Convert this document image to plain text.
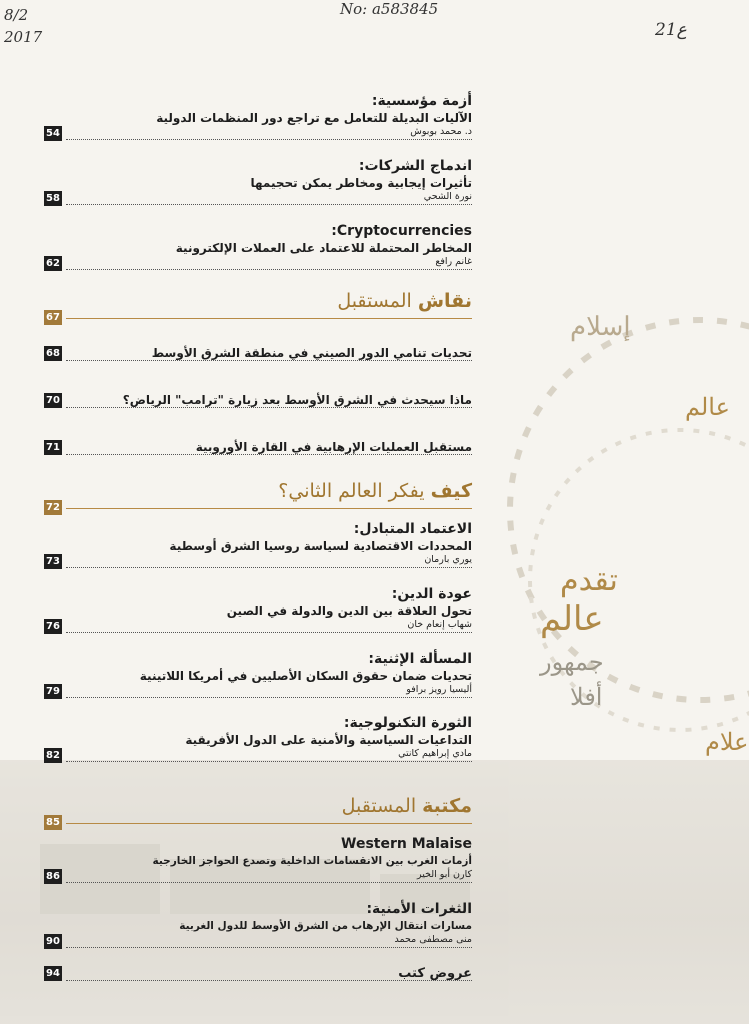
إسلام
عالم
تقدم
عالم
جمهور
أفلا
علام
8/2
2017
No: a583845
21ع
أزمة مؤسسية:
الآليات البديلة للتعامل مع تراجع دور المنظمات الدولية
د. محمد بوبوش
54
اندماج الشركات:
تأثيرات إيجابية ومخاطر يمكن تحجيمها
نورة الشحي
58
Cryptocurrencies:
المخاطر المحتملة للاعتماد على العملات الإلكترونية
غانم رافع
62
نقاش المستقبل
67
تحديات تنامي الدور الصيني في منطقة الشرق الأوسط
68
ماذا سيحدث في الشرق الأوسط بعد زيارة "ترامب" الرياض؟
70
مستقبل العمليات الإرهابية في القارة الأوروبية
71
كيف يفكر العالم الثاني؟
72
الاعتماد المتبادل:
المحددات الاقتصادية لسياسة روسيا الشرق أوسطية
يوري بارمان
73
عودة الدين:
تحول العلاقة بين الدين والدولة في الصين
شهاب إنعام خان
76
المسألة الإثنية:
تحديات ضمان حقوق السكان الأصليين في أمريكا اللاتينية
أليسيا رويز برافو
79
الثورة التكنولوجية:
التداعيات السياسية والأمنية على الدول الأفريقية
مادي إبراهيم كانتي
82
مكتبة المستقبل
85
Western Malaise
أزمات الغرب بين الانقسامات الداخلية وتصدع الحواجز الخارجية
كارن أبو الخير
86
الثغرات الأمنية:
مسارات انتقال الإرهاب من الشرق الأوسط للدول الغربية
منى مصطفى محمد
90
عروض كتب
94
